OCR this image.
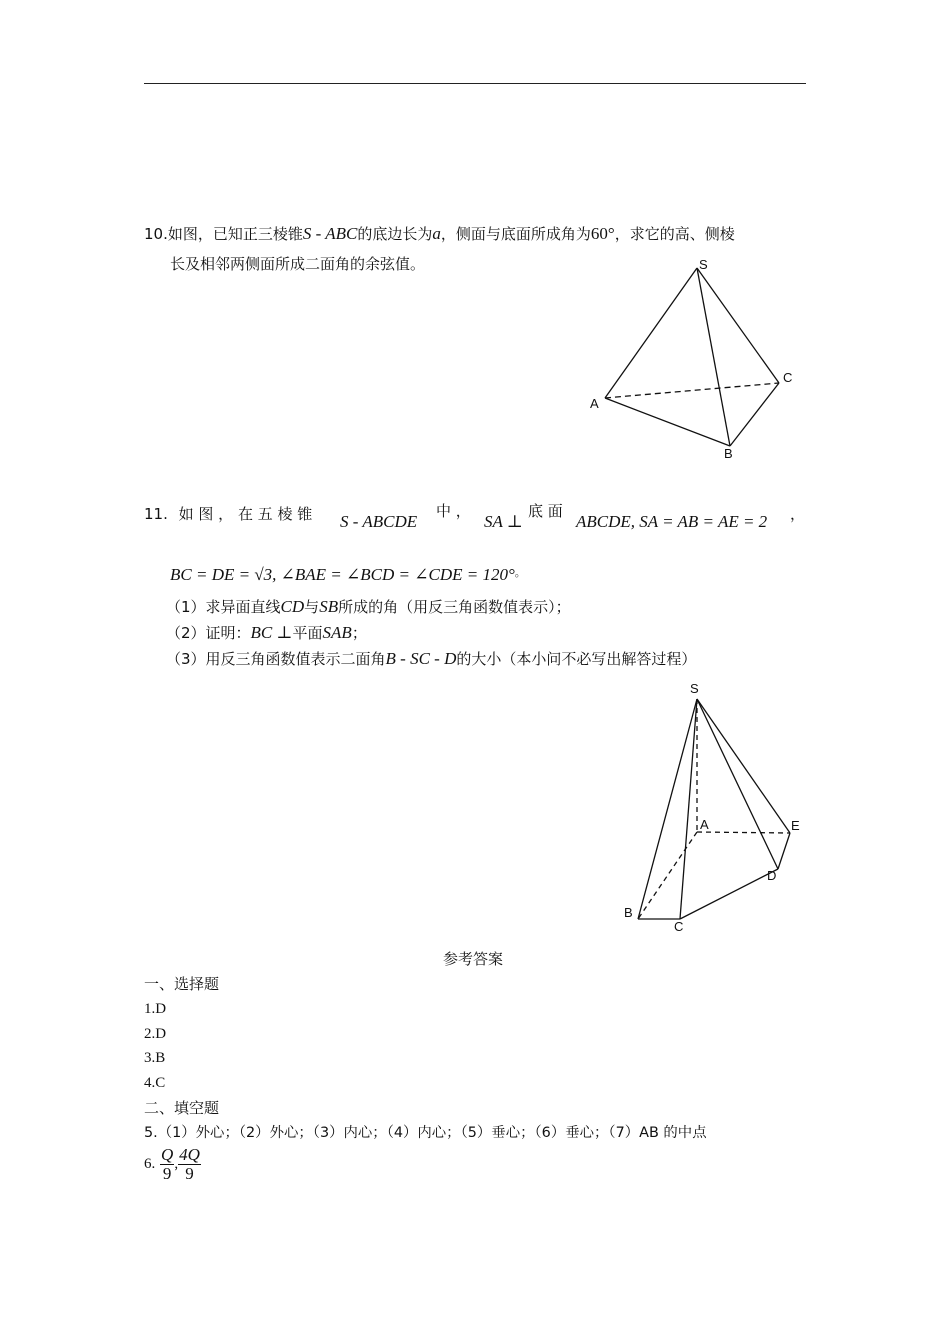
10.如图，已知正三棱锥S - ABC的底边长为a，侧面与底面所成角为60°，求它的高、侧棱
长及相邻两侧面所成二面角的余弦值。	S
A
B
C
11. 如 图 ， 在 五 棱 锥 S - ABCDE
中 ，
SA ⊥
底 面
ABCDE, SA = AB = AE = 2 ，
BC = DE = √3, ∠BAE = ∠BCD = ∠CDE = 120°。
（1）求异面直线CD与SB所成的角（用反三角函数值表示）；
（2）证明：BC ⊥平面SAB；
（3）用反三角函数值表示二面角B - SC - D的大小（本小问不必写出解答过程）
S
A	E
D
B
C
参考答案
一、选择题
1.D
2.D
3.B
4.C
二、填空题
5.（1）外心；（2）外心；（3）内心；（4）内心；（5）垂心；（6）垂心；（7）AB 的中点
6. $\frac{Q}{9}$ , $\frac{4Q}{9}$
